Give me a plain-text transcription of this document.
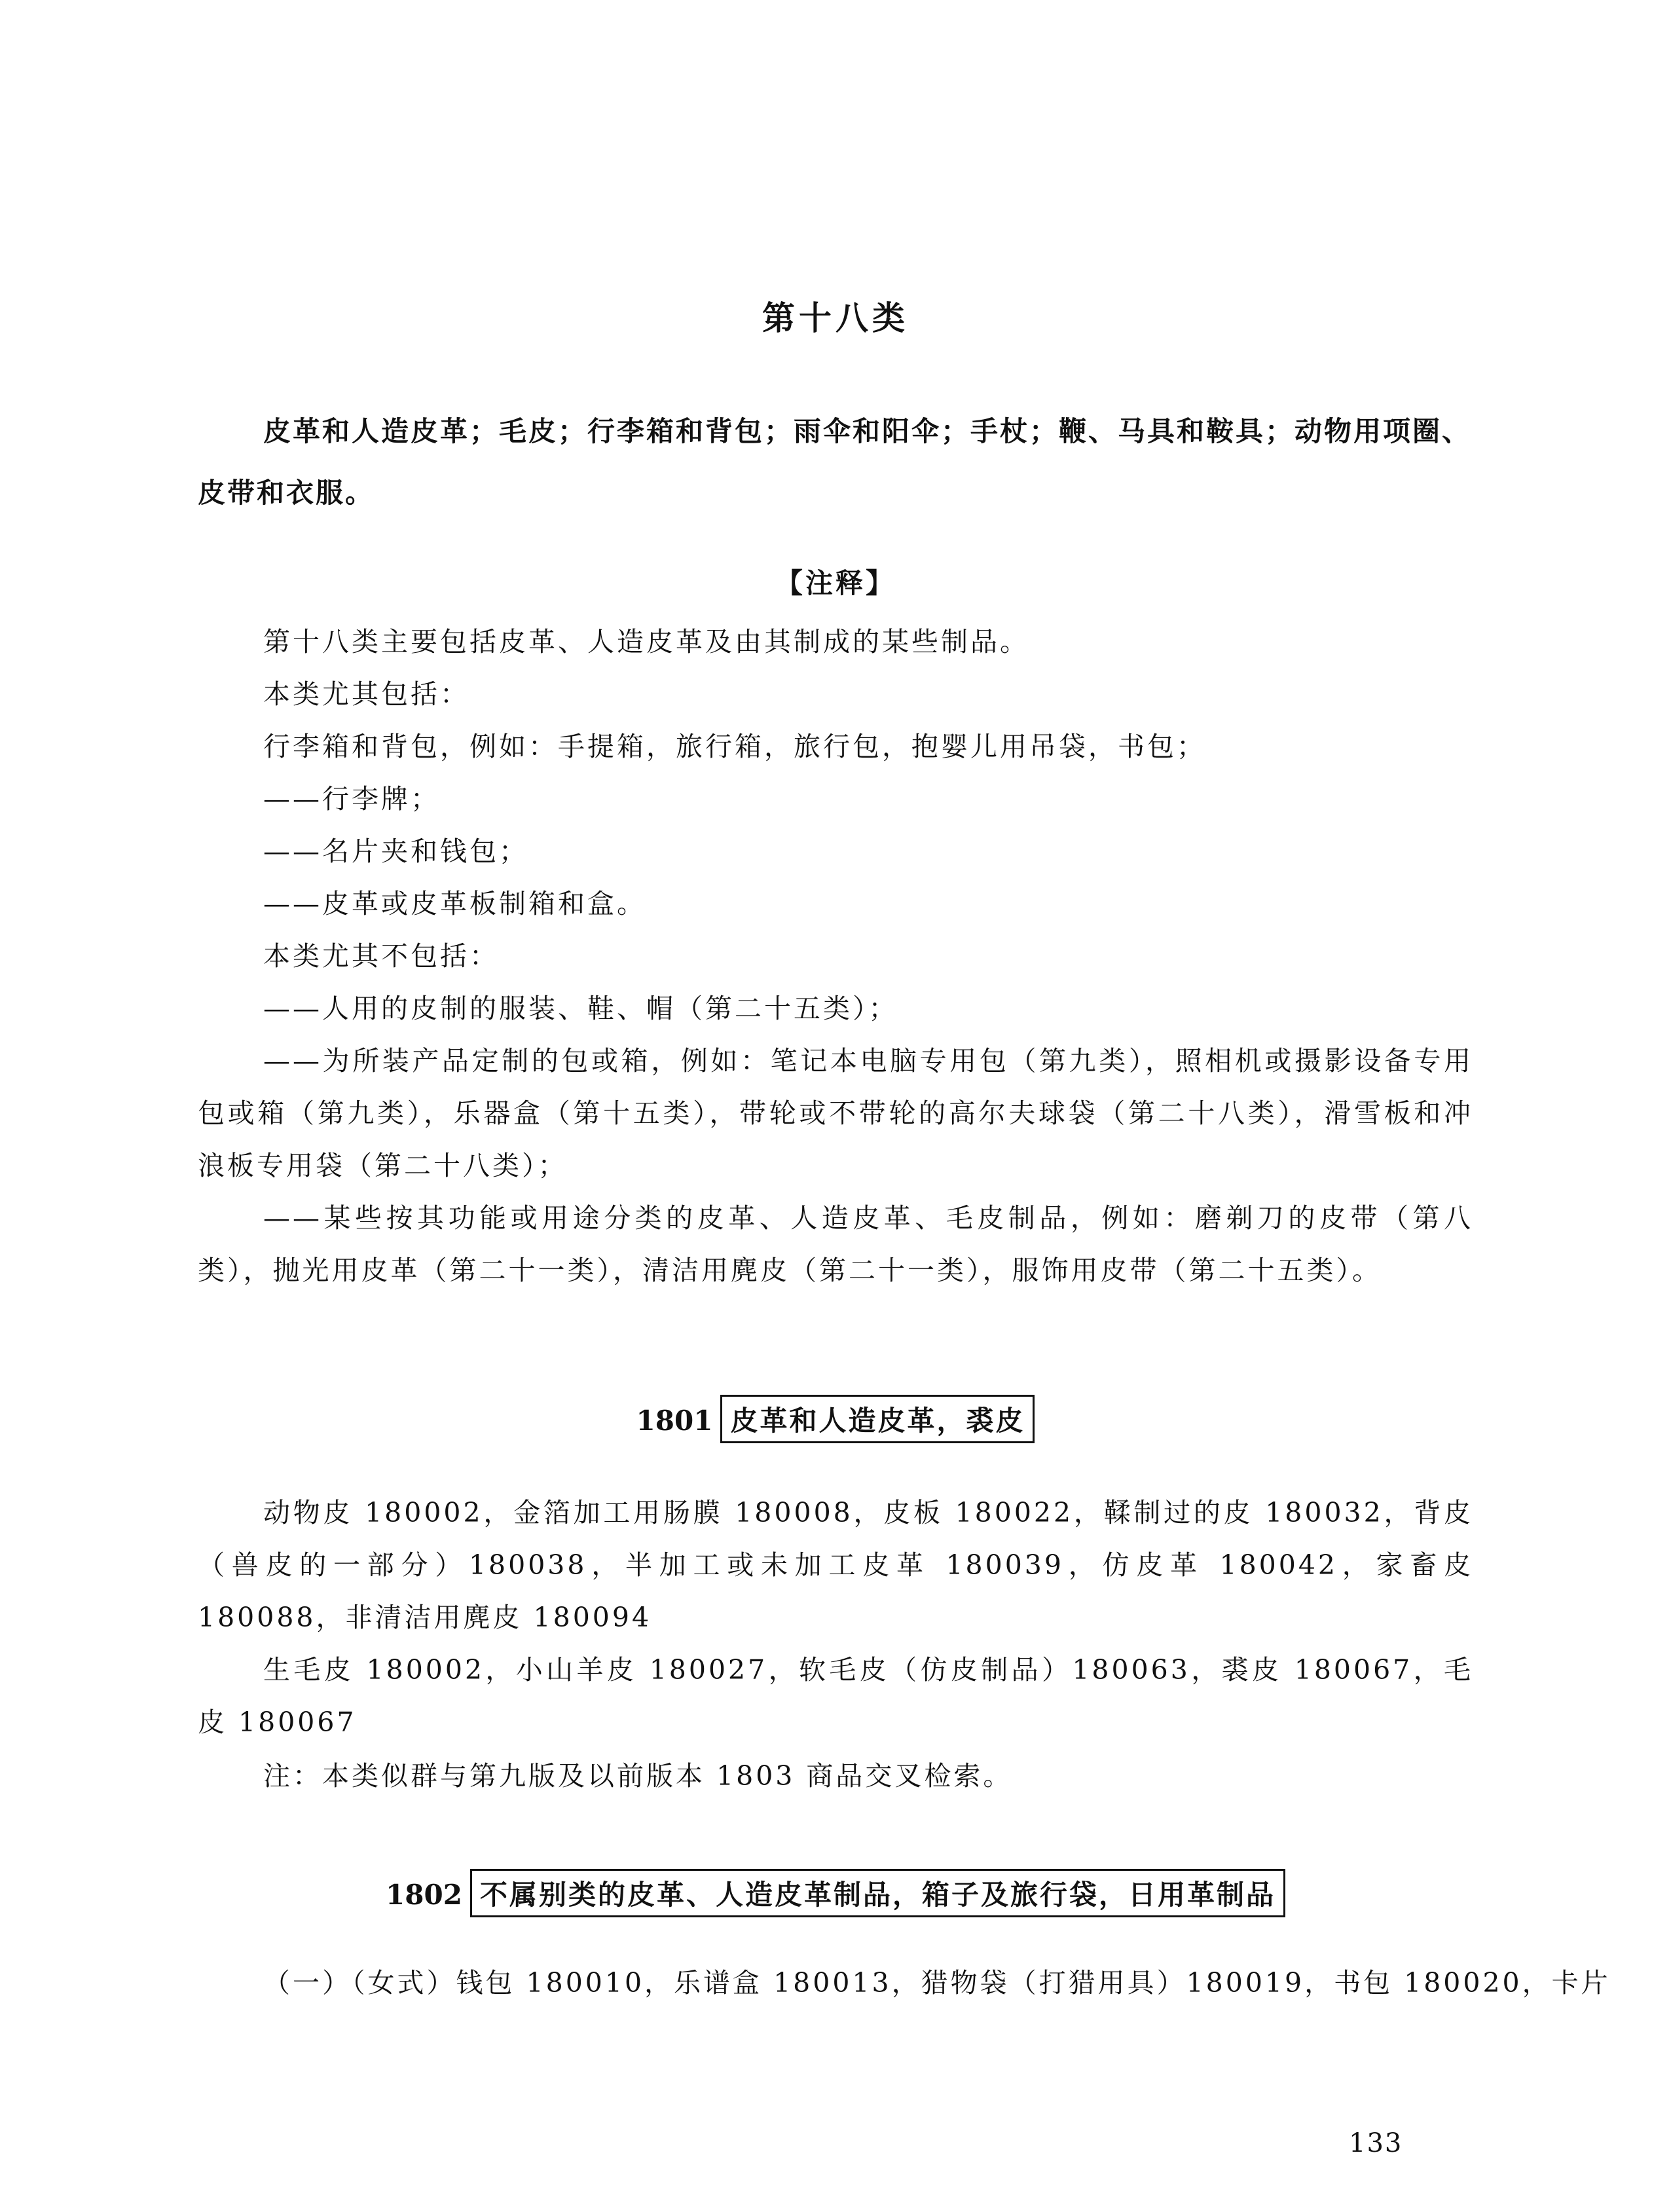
第十八类
皮革和人造皮革；毛皮；行李箱和背包；雨伞和阳伞；手杖；鞭、马具和鞍具；动物用项圈、皮带和衣服。
【注释】
第十八类主要包括皮革、人造皮革及由其制成的某些制品。
本类尤其包括：
行李箱和背包，例如：手提箱，旅行箱，旅行包，抱婴儿用吊袋，书包；
——行李牌；
——名片夹和钱包；
——皮革或皮革板制箱和盒。
本类尤其不包括：
——人用的皮制的服装、鞋、帽（第二十五类）；
——为所装产品定制的包或箱，例如：笔记本电脑专用包（第九类），照相机或摄影设备专用包或箱（第九类），乐器盒（第十五类），带轮或不带轮的高尔夫球袋（第二十八类），滑雪板和冲浪板专用袋（第二十八类）；
——某些按其功能或用途分类的皮革、人造皮革、毛皮制品，例如：磨剃刀的皮带（第八类），抛光用皮革（第二十一类），清洁用麂皮（第二十一类），服饰用皮带（第二十五类）。
1801 皮革和人造皮革，裘皮
动物皮 180002，金箔加工用肠膜 180008，皮板 180022，鞣制过的皮 180032，背皮（兽皮的一部分）180038，半加工或未加工皮革 180039，仿皮革 180042，家畜皮 180088，非清洁用麂皮 180094
生毛皮 180002，小山羊皮 180027，软毛皮（仿皮制品）180063，裘皮 180067，毛皮 180067
注：本类似群与第九版及以前版本 1803 商品交叉检索。
1802 不属别类的皮革、人造皮革制品，箱子及旅行袋，日用革制品
（一）（女式）钱包 180010，乐谱盒 180013，猎物袋（打猎用具）180019，书包 180020，卡片
133
